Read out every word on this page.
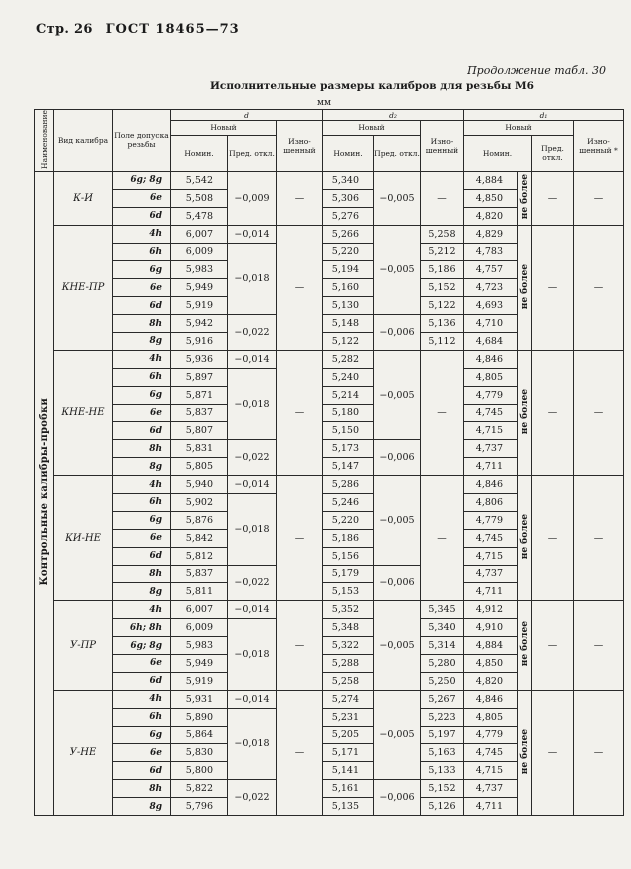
Стр. 26 ГОСТ 18465—73
Продолжение табл. 30
Исполнительные размеры калибров для резьбы М6
мм
Наименование	Вид калибра	Поле допуска резьбы	d			d₂			d₁			
			Новый		Изно-шенный	Новый		Изно-шенный	Новый			Изно-шенный *
			Номин.	Пред. откл.		Номин.	Пред. откл.		Номин.		Пред. откл.	
Контрольные калибры-пробки	К-И	6g; 8g	5,542	−0,009	—	5,340	−0,005	—	4,884	не более	—	—
		6e	5,508			5,306			4,850			
		6d	5,478			5,276			4,820			
	КНЕ-ПР	4h	6,007	−0,014	—	5,266	−0,005	5,258	4,829	не более	—	—
		6h	6,009	−0,018		5,220		5,212	4,783			
		6g	5,983			5,194		5,186	4,757			
		6e	5,949			5,160		5,152	4,723			
		6d	5,919			5,130		5,122	4,693			
		8h	5,942	−0,022		5,148	−0,006	5,136	4,710			
		8g	5,916			5,122		5,112	4,684			
	КНЕ-НЕ	4h	5,936	−0,014	—	5,282	−0,005	—	4,846	не более	—	—
		6h	5,897	−0,018		5,240			4,805			
		6g	5,871			5,214			4,779			
		6e	5,837			5,180			4,745			
		6d	5,807			5,150			4,715			
		8h	5,831	−0,022		5,173	−0,006		4,737			
		8g	5,805			5,147			4,711			
	КИ-НЕ	4h	5,940	−0,014	—	5,286	−0,005	—	4,846	не более	—	—
		6h	5,902	−0,018		5,246			4,806			
		6g	5,876			5,220			4,779			
		6e	5,842			5,186			4,745			
		6d	5,812			5,156			4,715			
		8h	5,837	−0,022		5,179	−0,006		4,737			
		8g	5,811			5,153			4,711			
	У-ПР	4h	6,007	−0,014	—	5,352	−0,005	5,345	4,912	не более	—	—
		6h; 8h	6,009	−0,018		5,348		5,340	4,910			
		6g; 8g	5,983			5,322		5,314	4,884			
		6e	5,949			5,288		5,280	4,850			
		6d	5,919			5,258		5,250	4,820			
	У-НЕ	4h	5,931	−0,014	—	5,274	−0,005	5,267	4,846	не более	—	—
		6h	5,890	−0,018		5,231		5,223	4,805			
		6g	5,864			5,205		5,197	4,779			
		6e	5,830			5,171		5,163	4,745			
		6d	5,800			5,141		5,133	4,715			
		8h	5,822	−0,022		5,161	−0,006	5,152	4,737			
		8g	5,796			5,135		5,126	4,711			
